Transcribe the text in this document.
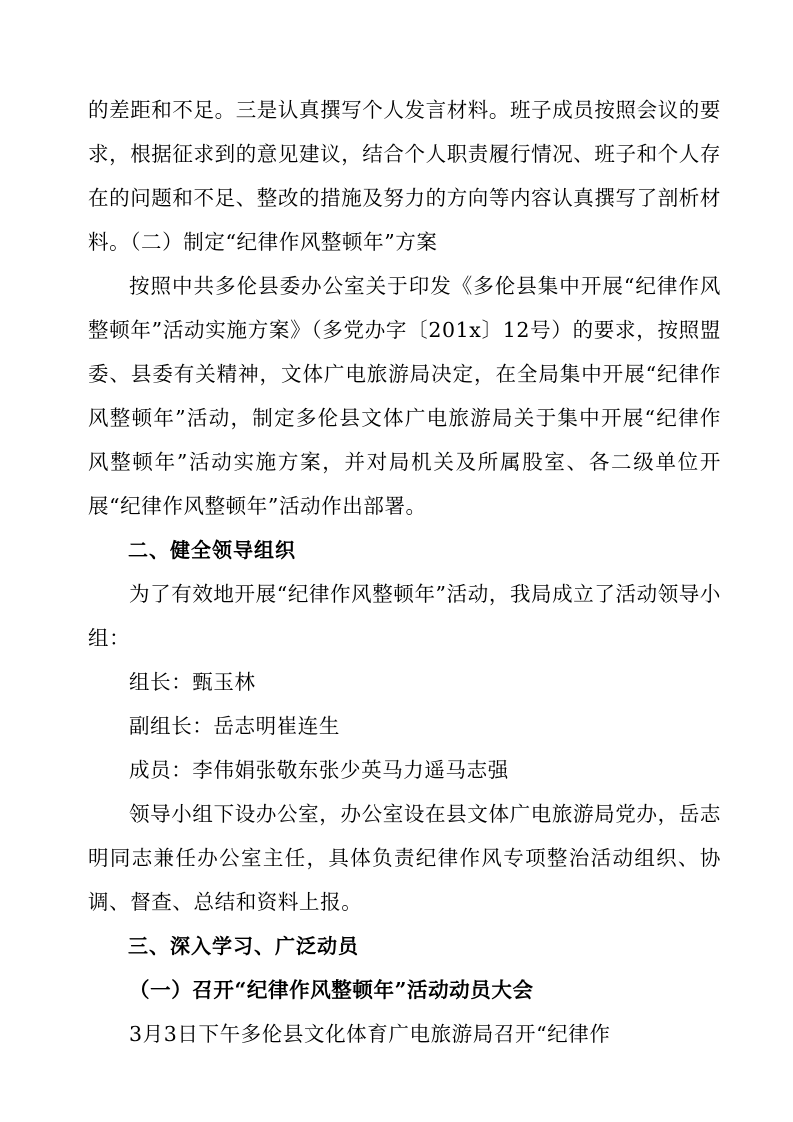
的差距和不足。三是认真撰写个人发言材料。班子成员按照会议的要求，根据征求到的意见建议，结合个人职责履行情况、班子和个人存在的问题和不足、整改的措施及努力的方向等内容认真撰写了剖析材料。（二）制定“纪律作风整顿年”方案

按照中共多伦县委办公室关于印发《多伦县集中开展“纪律作风整顿年”活动实施方案》（多党办字〔201x〕12号）的要求，按照盟委、县委有关精神，文体广电旅游局决定，在全局集中开展“纪律作风整顿年”活动，制定多伦县文体广电旅游局关于集中开展“纪律作风整顿年”活动实施方案，并对局机关及所属股室、各二级单位开展“纪律作风整顿年”活动作出部署。

二、健全领导组织

为了有效地开展“纪律作风整顿年”活动，我局成立了活动领导小组：

组长：甄玉林

副组长：岳志明崔连生

成员：李伟娟张敬东张少英马力遥马志强

领导小组下设办公室，办公室设在县文体广电旅游局党办，岳志明同志兼任办公室主任，具体负责纪律作风专项整治活动组织、协调、督查、总结和资料上报。

三、深入学习、广泛动员

（一）召开“纪律作风整顿年”活动动员大会

3月3日下午多伦县文化体育广电旅游局召开“纪律作
